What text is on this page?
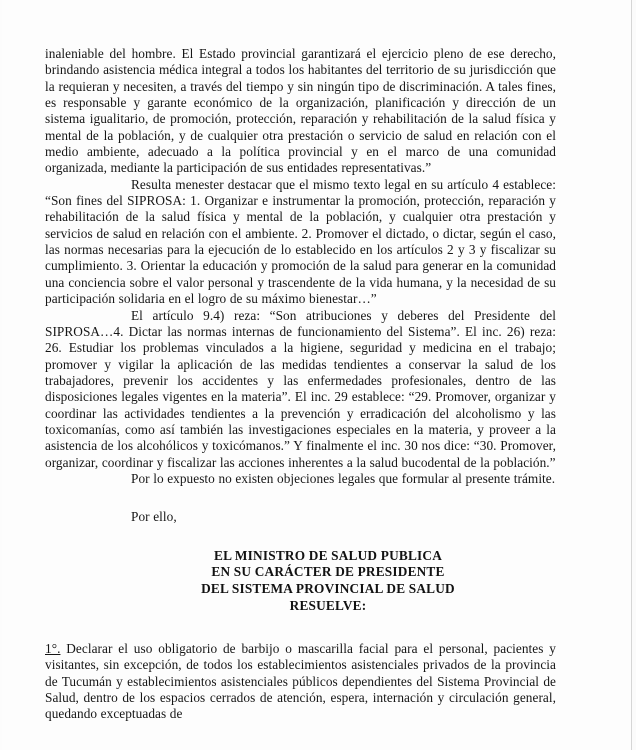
inaleniable del hombre. El Estado provincial garantizará el ejercicio pleno de ese derecho, brindando asistencia médica integral a todos los habitantes del territorio de su jurisdicción que la requieran y necesiten, a través del tiempo y sin ningún tipo de discriminación. A tales fines, es responsable y garante económico de la organización, planificación y dirección de un sistema igualitario, de promoción, protección, reparación y rehabilitación de la salud física y mental de la población, y de cualquier otra prestación o servicio de salud en relación con el medio ambiente, adecuado a la política provincial y en el marco de una comunidad organizada, mediante la participación de sus entidades representativas.”

Resulta menester destacar que el mismo texto legal en su artículo 4 establece: “Son fines del SIPROSA: 1. Organizar e instrumentar la promoción, protección, reparación y rehabilitación de la salud física y mental de la población, y cualquier otra prestación y servicios de salud en relación con el ambiente. 2. Promover el dictado, o dictar, según el caso, las normas necesarias para la ejecución de lo establecido en los artículos 2 y 3 y fiscalizar su cumplimiento. 3. Orientar la educación y promoción de la salud para generar en la comunidad una conciencia sobre el valor personal y trascendente de la vida humana, y la necesidad de su participación solidaria en el logro de su máximo bienestar…”

El artículo 9.4) reza: “Son atribuciones y deberes del Presidente del SIPROSA…4. Dictar las normas internas de funcionamiento del Sistema”. El inc. 26) reza: 26. Estudiar los problemas vinculados a la higiene, seguridad y medicina en el trabajo; promover y vigilar la aplicación de las medidas tendientes a conservar la salud de los trabajadores, prevenir los accidentes y las enfermedades profesionales, dentro de las disposiciones legales vigentes en la materia”. El inc. 29 establece: “29. Promover, organizar y coordinar las actividades tendientes a la prevención y erradicación del alcoholismo y las toxicomanías, como así también las investigaciones especiales en la materia, y proveer a la asistencia de los alcohólicos y toxicómanos.” Y finalmente el inc. 30 nos dice: “30. Promover, organizar, coordinar y fiscalizar las acciones inherentes a la salud bucodental de la población.”

Por lo expuesto no existen objeciones legales que formular al presente trámite.

Por ello,

EL MINISTRO DE SALUD PUBLICA
EN SU CARÁCTER DE PRESIDENTE
DEL SISTEMA PROVINCIAL DE SALUD
RESUELVE:

1°. Declarar el uso obligatorio de barbijo o mascarilla facial para el personal, pacientes y visitantes, sin excepción, de todos los establecimientos asistenciales privados de la provincia de Tucumán y establecimientos asistenciales públicos dependientes del Sistema Provincial de Salud, dentro de los espacios cerrados de atención, espera, internación y circulación general, quedando exceptuadas de
